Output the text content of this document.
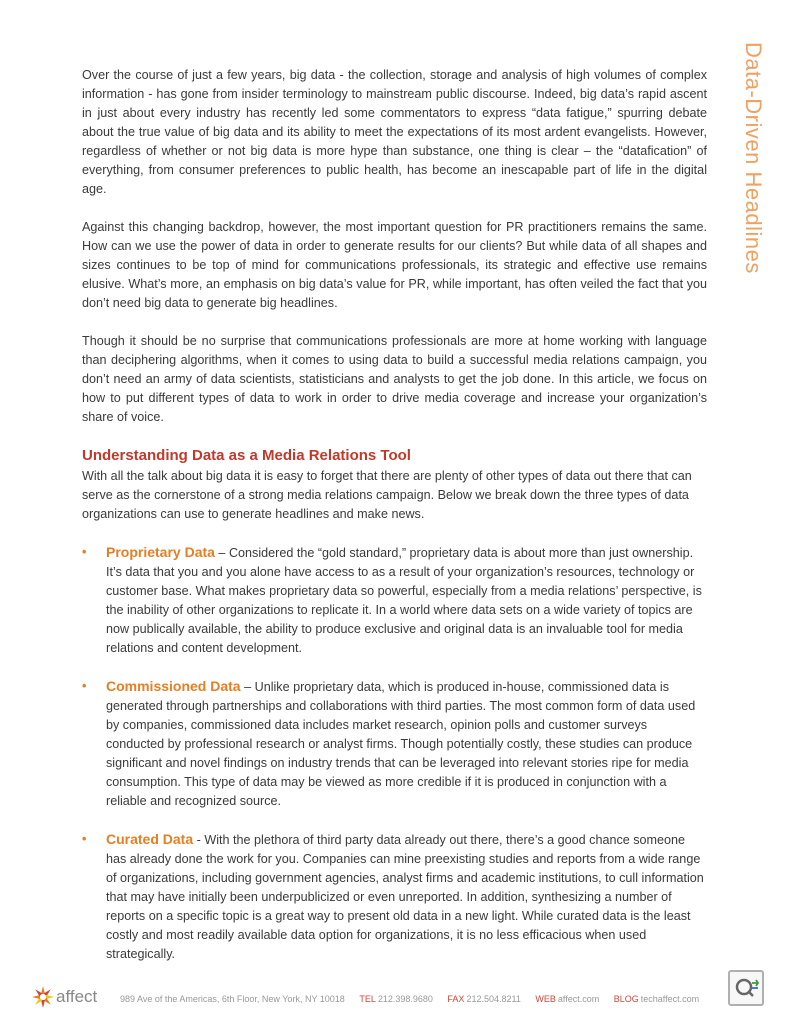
Data-Driven Headlines

Over the course of just a few years, big data - the collection, storage and analysis of high volumes of complex information - has gone from insider terminology to mainstream public discourse. Indeed, big data’s rapid ascent in just about every industry has recently led some commentators to express “data fatigue,” spurring debate about the true value of big data and its ability to meet the expectations of its most ardent evangelists. However, regardless of whether or not big data is more hype than substance, one thing is clear – the “datafication” of everything, from consumer preferences to public health, has become an inescapable part of life in the digital age.

Against this changing backdrop, however, the most important question for PR practitioners remains the same. How can we use the power of data in order to generate results for our clients? But while data of all shapes and sizes continues to be top of mind for communications professionals, its strategic and effective use remains elusive. What’s more, an emphasis on big data’s value for PR, while important, has often veiled the fact that you don’t need big data to generate big headlines.

Though it should be no surprise that communications professionals are more at home working with language than deciphering algorithms, when it comes to using data to build a successful media relations campaign, you don’t need an army of data scientists, statisticians and analysts to get the job done. In this article, we focus on how to put different types of data to work in order to drive media coverage and increase your organization’s share of voice.

Understanding Data as a Media Relations Tool
With all the talk about big data it is easy to forget that there are plenty of other types of data out there that can serve as the cornerstone of a strong media relations campaign. Below we break down the three types of data organizations can use to generate headlines and make news.
• Proprietary Data – Considered the “gold standard,” proprietary data is about more than just ownership. It’s data that you and you alone have access to as a result of your organization’s resources, technology or customer base. What makes proprietary data so powerful, especially from a media relations’ perspective, is the inability of other organizations to replicate it. In a world where data sets on a wide variety of topics are now publically available, the ability to produce exclusive and original data is an invaluable tool for media relations and content development.
• Commissioned Data – Unlike proprietary data, which is produced in-house, commissioned data is generated through partnerships and collaborations with third parties. The most common form of data used by companies, commissioned data includes market research, opinion polls and customer surveys conducted by professional research or analyst firms. Though potentially costly, these studies can produce significant and novel findings on industry trends that can be leveraged into relevant stories ripe for media consumption. This type of data may be viewed as more credible if it is produced in conjunction with a reliable and recognized source.
• Curated Data - With the plethora of third party data already out there, there’s a good chance someone has already done the work for you. Companies can mine preexisting studies and reports from a wide range of organizations, including government agencies, analyst firms and academic institutions, to cull information that may have initially been underpublicized or even unreported. In addition, synthesizing a number of reports on a specific topic is a great way to present old data in a new light. While curated data is the least costly and most readily available data option for organizations, it is no less efficacious when used strategically.
affect	989 Ave of the Americas, 6th Floor, New York, NY 10018 TEL 212.398.9680 FAX 212.504.8211 WEB affect.com BLOG techaffect.com
